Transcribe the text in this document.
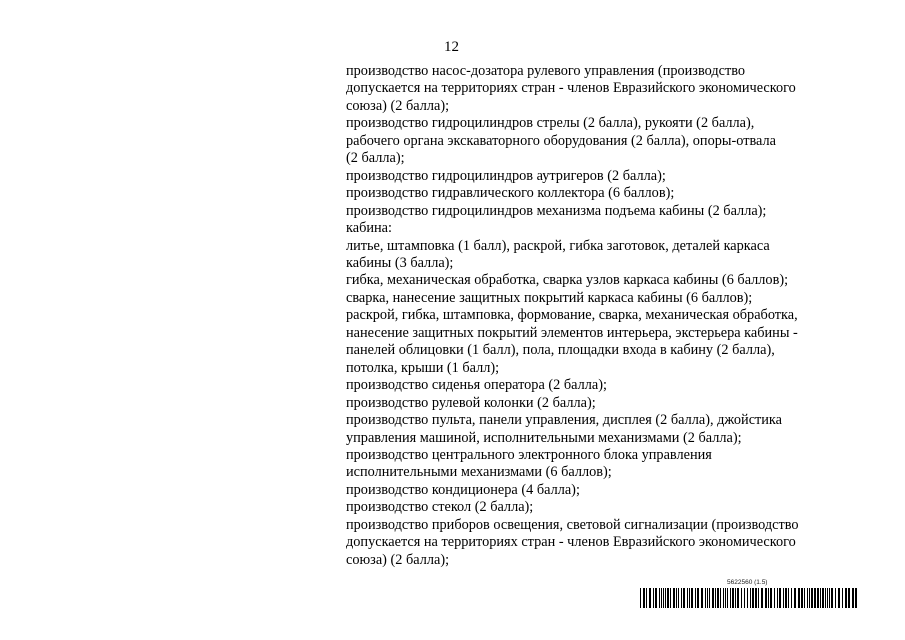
12
производство насос-дозатора рулевого управления (производство
допускается на территориях стран - членов Евразийского экономического
союза) (2 балла);
производство гидроцилиндров стрелы (2 балла), рукояти (2 балла),
рабочего органа экскаваторного оборудования (2 балла), опоры-отвала
(2 балла);
производство гидроцилиндров аутригеров (2 балла);
производство гидравлического коллектора (6 баллов);
производство гидроцилиндров механизма подъема кабины (2 балла);
кабина:
литье, штамповка (1 балл), раскрой, гибка заготовок, деталей каркаса
кабины (3 балла);
гибка, механическая обработка, сварка узлов каркаса кабины (6 баллов);
сварка, нанесение защитных покрытий каркаса кабины (6 баллов);
раскрой, гибка, штамповка, формование, сварка, механическая обработка,
нанесение защитных покрытий элементов интерьера, экстерьера кабины -
панелей облицовки (1 балл), пола, площадки входа в кабину (2 балла),
потолка, крыши (1 балл);
производство сиденья оператора (2 балла);
производство рулевой колонки (2 балла);
производство пульта, панели управления, дисплея (2 балла), джойстика
управления машиной, исполнительными механизмами (2 балла);
производство центрального электронного блока управления
исполнительными механизмами (6 баллов);
производство кондиционера (4 балла);
производство стекол (2 балла);
производство приборов освещения, световой сигнализации (производство
допускается на территориях стран - членов Евразийского экономического
союза) (2 балла);
5622560 (1.5)
